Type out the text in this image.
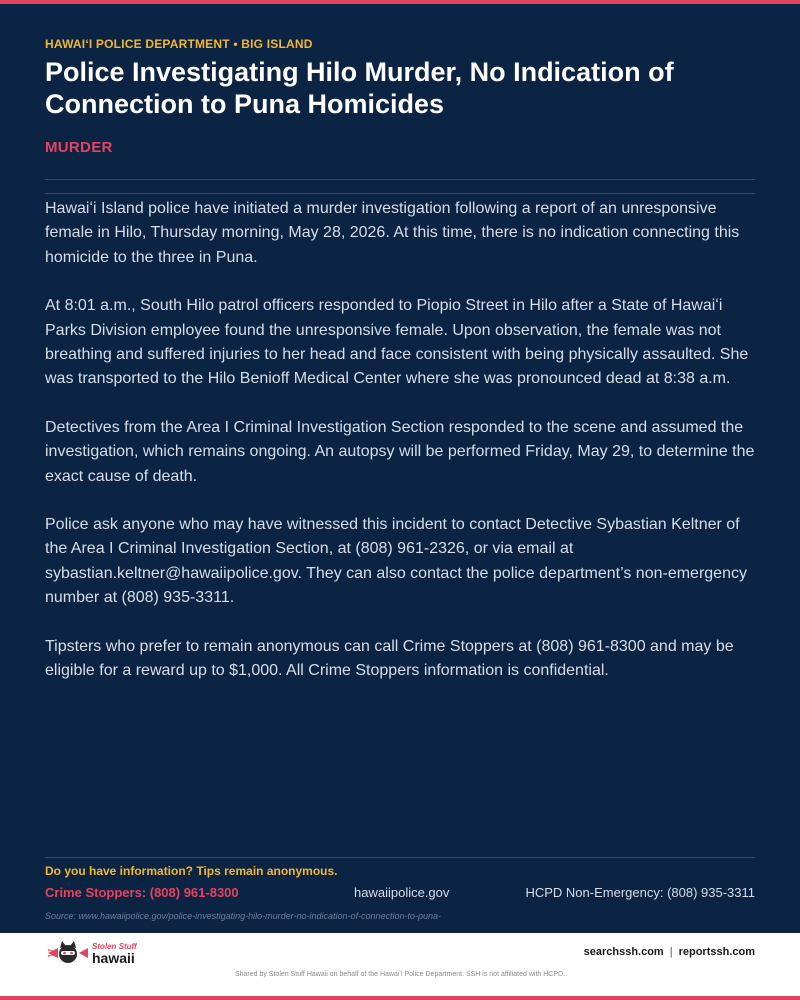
HAWAIʻI POLICE DEPARTMENT • BIG ISLAND
Police Investigating Hilo Murder, No Indication of Connection to Puna Homicides
MURDER

Hawaiʻi Island police have initiated a murder investigation following a report of an unresponsive female in Hilo, Thursday morning, May 28, 2026. At this time, there is no indication connecting this homicide to the three in Puna.

At 8:01 a.m., South Hilo patrol officers responded to Piopio Street in Hilo after a State of Hawaiʻi Parks Division employee found the unresponsive female. Upon observation, the female was not breathing and suffered injuries to her head and face consistent with being physically assaulted. She was transported to the Hilo Benioff Medical Center where she was pronounced dead at 8:38 a.m.

Detectives from the Area I Criminal Investigation Section responded to the scene and assumed the investigation, which remains ongoing. An autopsy will be performed Friday, May 29, to determine the exact cause of death.

Police ask anyone who may have witnessed this incident to contact Detective Sybastian Keltner of the Area I Criminal Investigation Section, at (808) 961-2326, or via email at sybastian.keltner@hawaiipolice.gov. They can also contact the police department’s non-emergency number at (808) 935-3311.

Tipsters who prefer to remain anonymous can call Crime Stoppers at (808) 961-8300 and may be eligible for a reward up to $1,000. All Crime Stoppers information is confidential.

Do you have information? Tips remain anonymous.
Crime Stoppers: (808) 961-8300	hawaiipolice.gov	HCPD Non-Emergency: (808) 935-3311
Source: www.hawaiipolice.gov/police-investigating-hilo-murder-no-indication-of-connection-to-puna-
Stolen Stuff
hawaii	searchssh.com | reportssh.com
Shared by Stolen Stuff Hawaii on behalf of the Hawaiʻi Police Department. SSH is not affiliated with HCPD.
